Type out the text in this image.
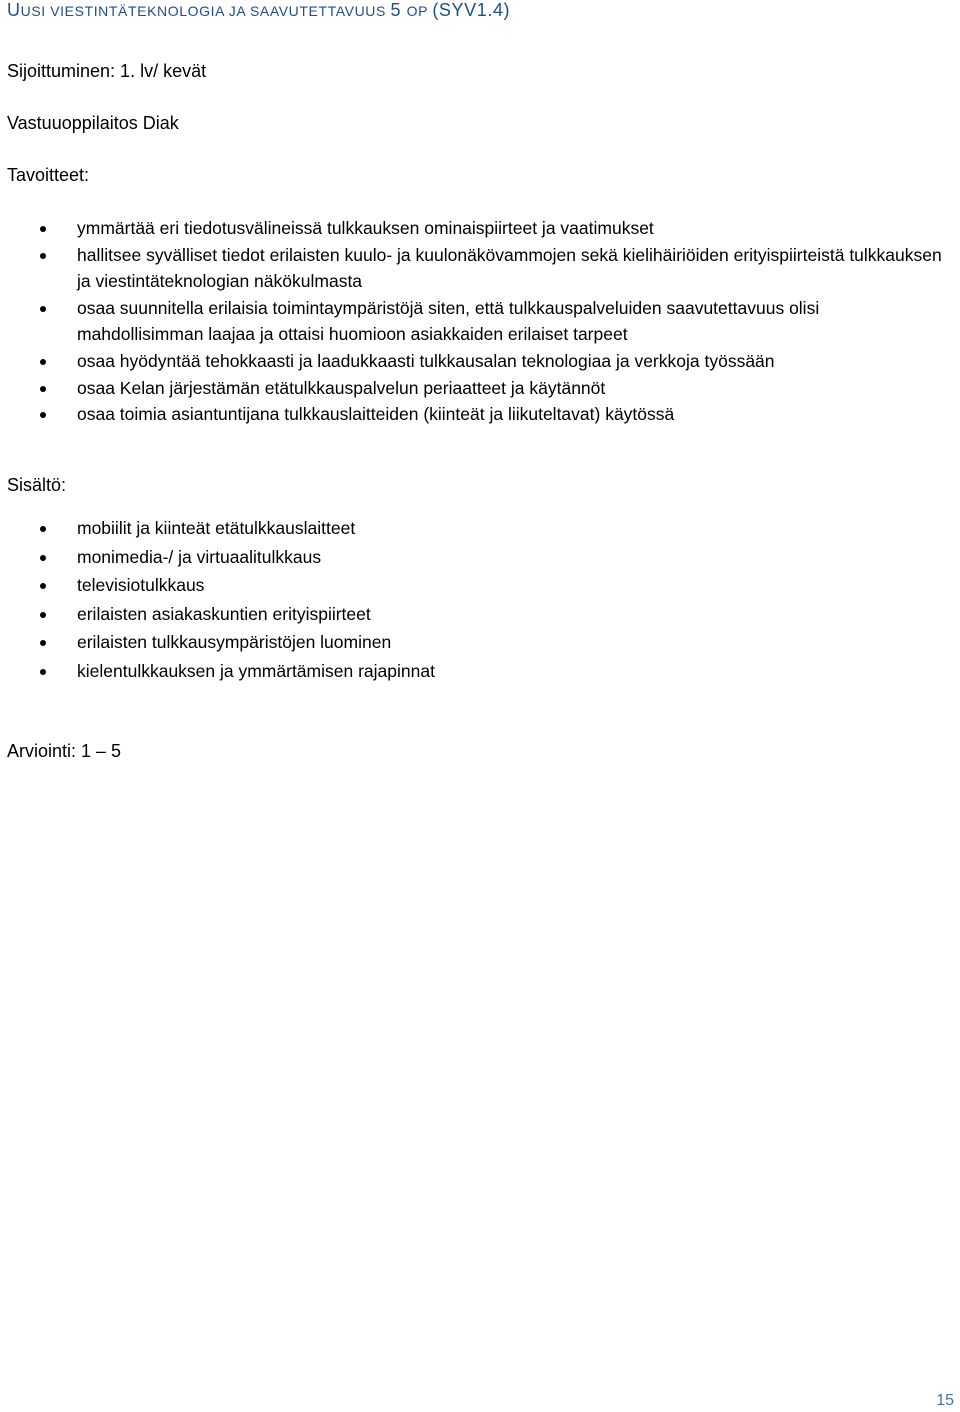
UUSI VIESTINTÄTEKNOLOGIA JA SAAVUTETTAVUUS 5 OP (SYV1.4)
Sijoittuminen: 1. lv/ kevät
Vastuuoppilaitos Diak
Tavoitteet:
ymmärtää eri tiedotusvälineissä tulkkauksen ominaispiirteet ja vaatimukset
hallitsee syvälliset tiedot erilaisten kuulo- ja kuulonäkövammojen sekä kielihäiriöiden erityispiirteistä tulkkauksen ja viestintäteknologian näkökulmasta
osaa suunnitella erilaisia toimintaympäristöjä siten, että tulkkauspalveluiden saavutettavuus olisi mahdollisimman laajaa ja ottaisi huomioon asiakkaiden erilaiset tarpeet
osaa hyödyntää tehokkaasti ja laadukkaasti tulkkausalan teknologiaa ja verkkoja työssään
osaa Kelan järjestämän etätulkkauspalvelun periaatteet ja käytännöt
osaa toimia asiantuntijana tulkkauslaitteiden (kiinteät ja liikuteltavat) käytössä
Sisältö:
mobiilit ja kiinteät etätulkkauslaitteet
monimedia-/ ja virtuaalitulkkaus
televisiotulkkaus
erilaisten asiakaskuntien erityispiirteet
erilaisten tulkkausympäristöjen luominen
kielentulkkauksen ja ymmärtämisen rajapinnat
Arviointi: 1 – 5
15
